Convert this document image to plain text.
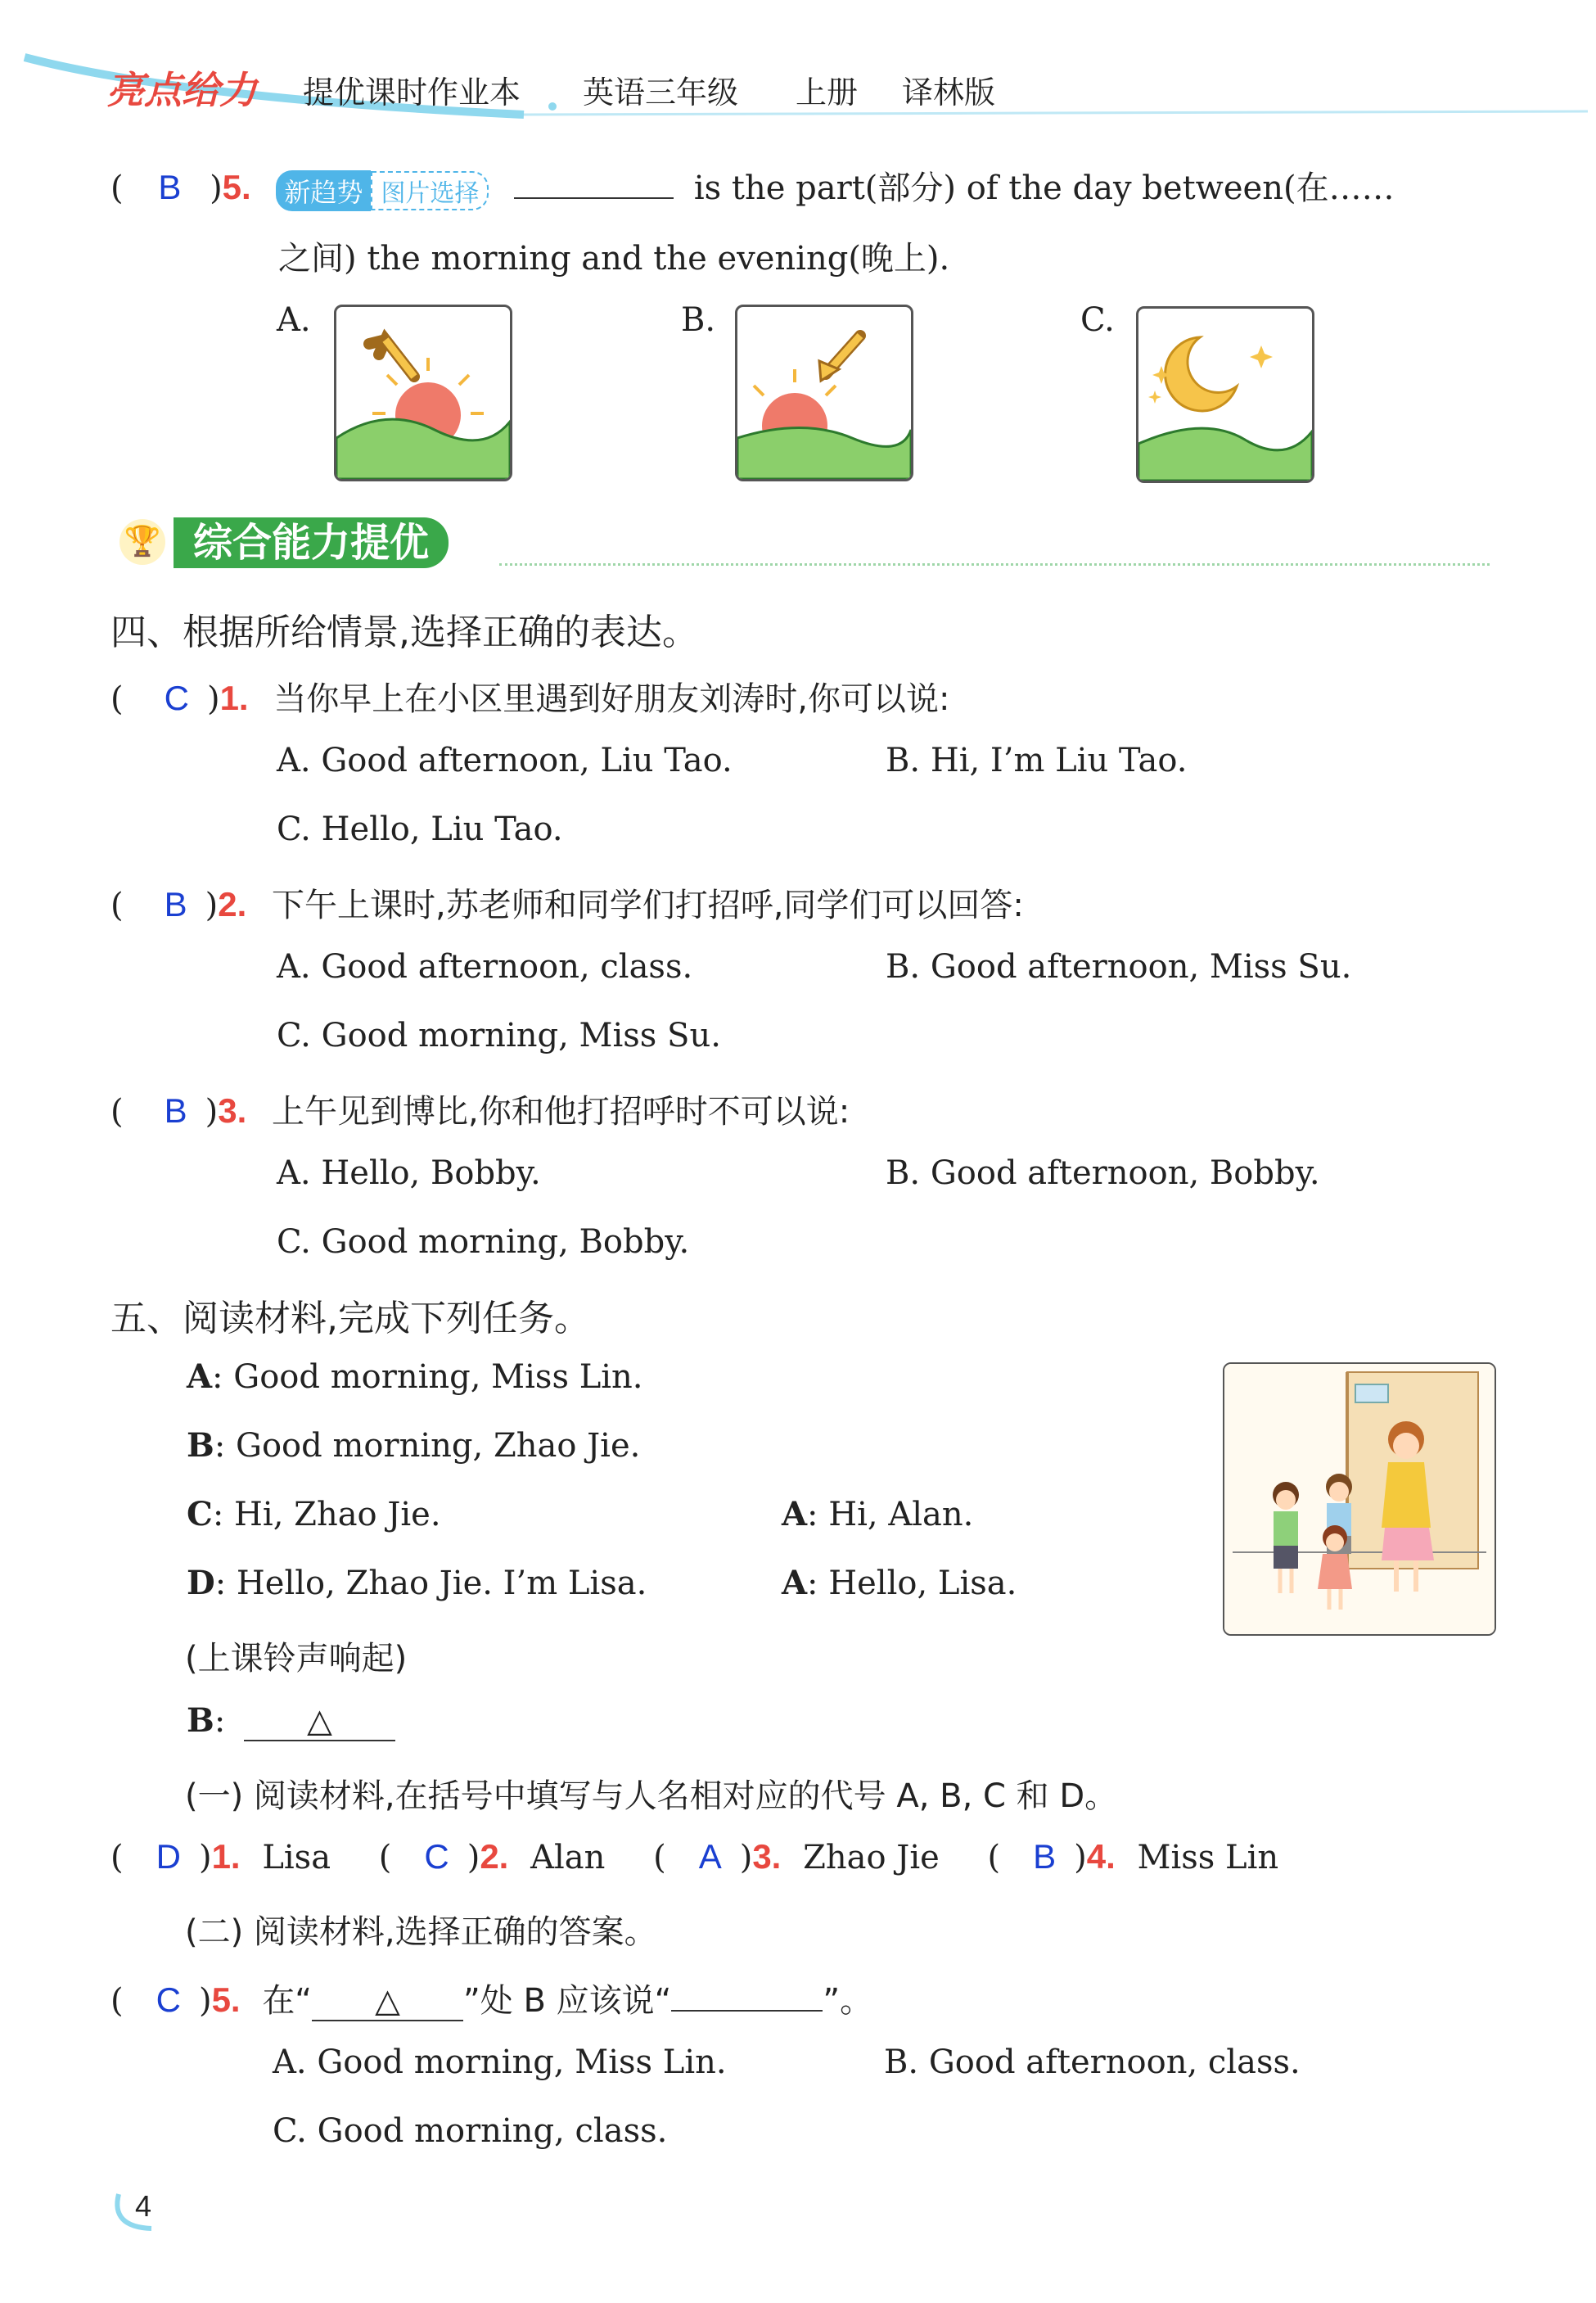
亮点给力 提优课时作业本 英语三年级 上册 译林版
( B )5. 新趋势 图片选择	is the part(部分) of the day between(在……
之间) the morning and the evening(晚上).
A.	B.	C.
🏆 综合能力提优
四、根据所给情景,选择正确的表达。
( C )1. 当你早上在小区里遇到好朋友刘涛时,你可以说:
A. Good afternoon, Liu Tao.	B. Hi, I’m Liu Tao.
C. Hello, Liu Tao.
( B )2. 下午上课时,苏老师和同学们打招呼,同学们可以回答:
A. Good afternoon, class.	B. Good afternoon, Miss Su.
C. Good morning, Miss Su.
( B )3. 上午见到博比,你和他打招呼时不可以说:
A. Hello, Bobby.	B. Good afternoon, Bobby.
C. Good morning, Bobby.
五、阅读材料,完成下列任务。
A: Good morning, Miss Lin.
B: Good morning, Zhao Jie.
C: Hi, Zhao Jie.	A: Hi, Alan.
D: Hello, Zhao Jie. I’m Lisa.	A: Hello, Lisa.
(上课铃声响起)
B: △
(一) 阅读材料,在括号中填写与人名相对应的代号 A, B, C 和 D。
( D )1. Lisa ( C )2. Alan ( A )3. Zhao Jie ( B )4. Miss Lin
(二) 阅读材料,选择正确的答案。
( C )5. 在“ △ ”处 B 应该说“	”。
A. Good morning, Miss Lin.	B. Good afternoon, class.
C. Good morning, class.
4
